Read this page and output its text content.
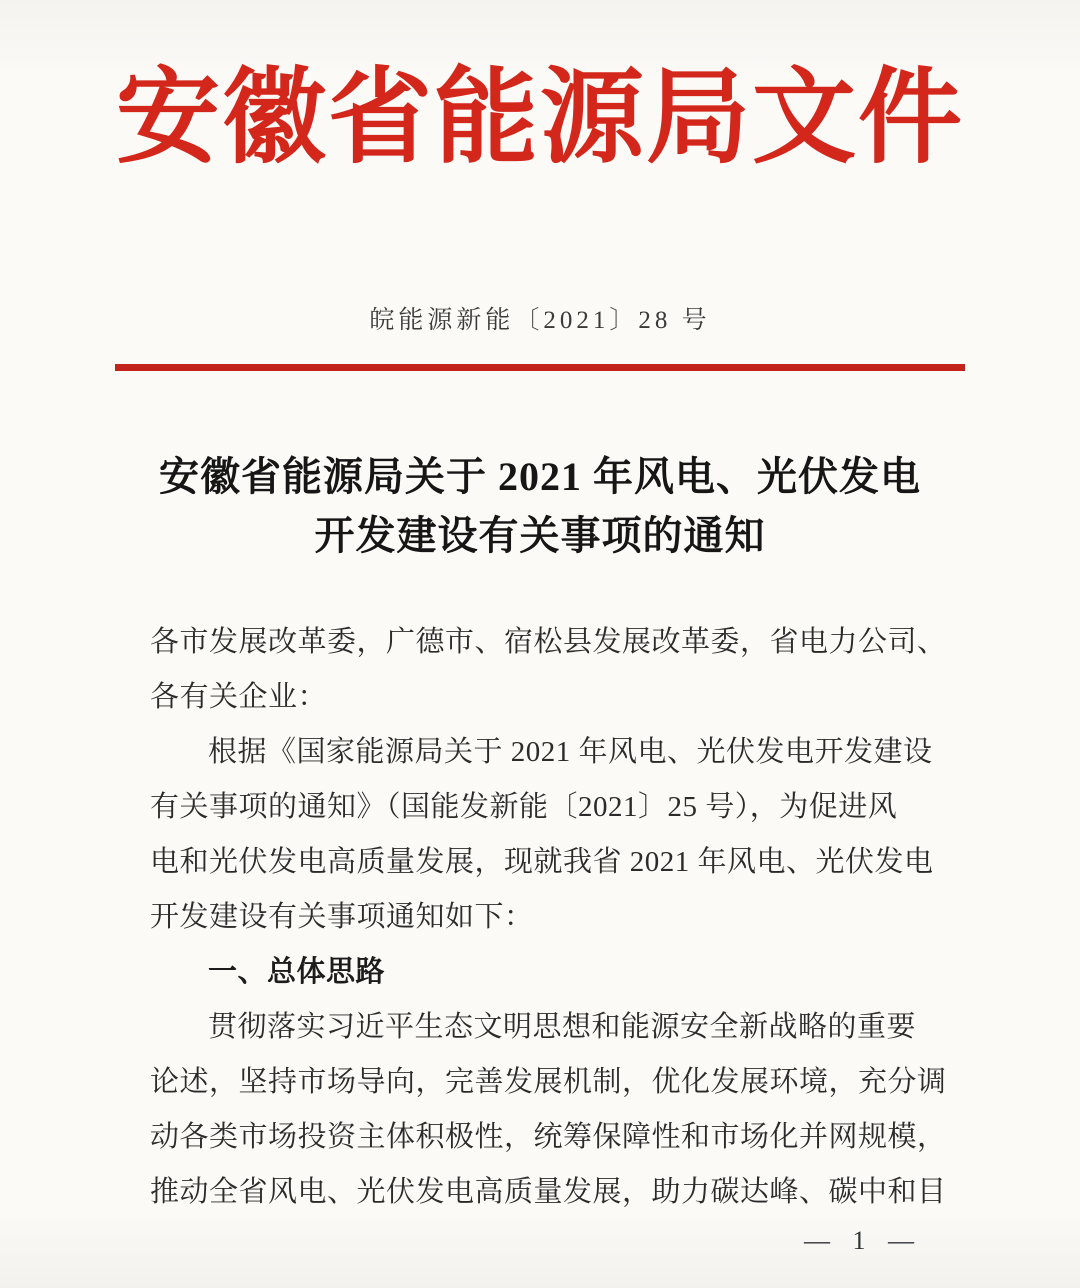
安徽省能源局文件
皖能源新能〔2021〕28 号
安徽省能源局关于 2021 年风电、光伏发电
开发建设有关事项的通知
各市发展改革委，广德市、宿松县发展改革委，省电力公司、
各有关企业：
根据《国家能源局关于 2021 年风电、光伏发电开发建设
有关事项的通知》（国能发新能〔2021〕25 号），为促进风
电和光伏发电高质量发展，现就我省 2021 年风电、光伏发电
开发建设有关事项通知如下：
一、总体思路
贯彻落实习近平生态文明思想和能源安全新战略的重要
论述，坚持市场导向，完善发展机制，优化发展环境，充分调
动各类市场投资主体积极性，统筹保障性和市场化并网规模，
推动全省风电、光伏发电高质量发展，助力碳达峰、碳中和目
— 1 —
